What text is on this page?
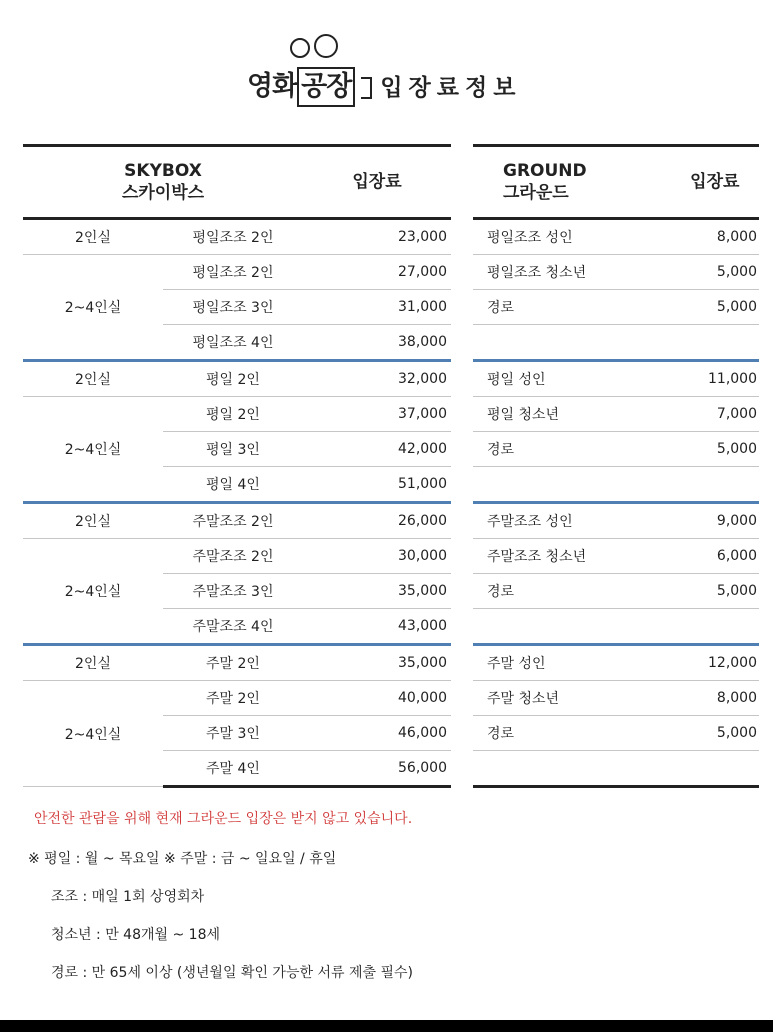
영화 공장 입장료정보
SKYBOX
스카이박스		입장료
2인실	평일조조 2인	23,000
2~4인실	평일조조 2인	27,000
	평일조조 3인	31,000
	평일조조 4인	38,000
2인실	평일 2인	32,000
2~4인실	평일 2인	37,000
	평일 3인	42,000
	평일 4인	51,000
2인실	주말조조 2인	26,000
2~4인실	주말조조 2인	30,000
	주말조조 3인	35,000
	주말조조 4인	43,000
2인실	주말 2인	35,000
2~4인실	주말 2인	40,000
	주말 3인	46,000
	주말 4인	56,000
GROUND
그라운드	입장료
평일조조 성인	8,000
평일조조 청소년	5,000
경로	5,000

평일 성인	11,000
평일 청소년	7,000
경로	5,000

주말조조 성인	9,000
주말조조 청소년	6,000
경로	5,000

주말 성인	12,000
주말 청소년	8,000
경로	5,000

안전한 관람을 위해 현재 그라운드 입장은 받지 않고 있습니다.
※ 평일 : 월 ~ 목요일 ※ 주말 : 금 ~ 일요일 / 휴일
조조 : 매일 1회 상영회차
청소년 : 만 48개월 ~ 18세
경로 : 만 65세 이상 (생년월일 확인 가능한 서류 제출 필수)
